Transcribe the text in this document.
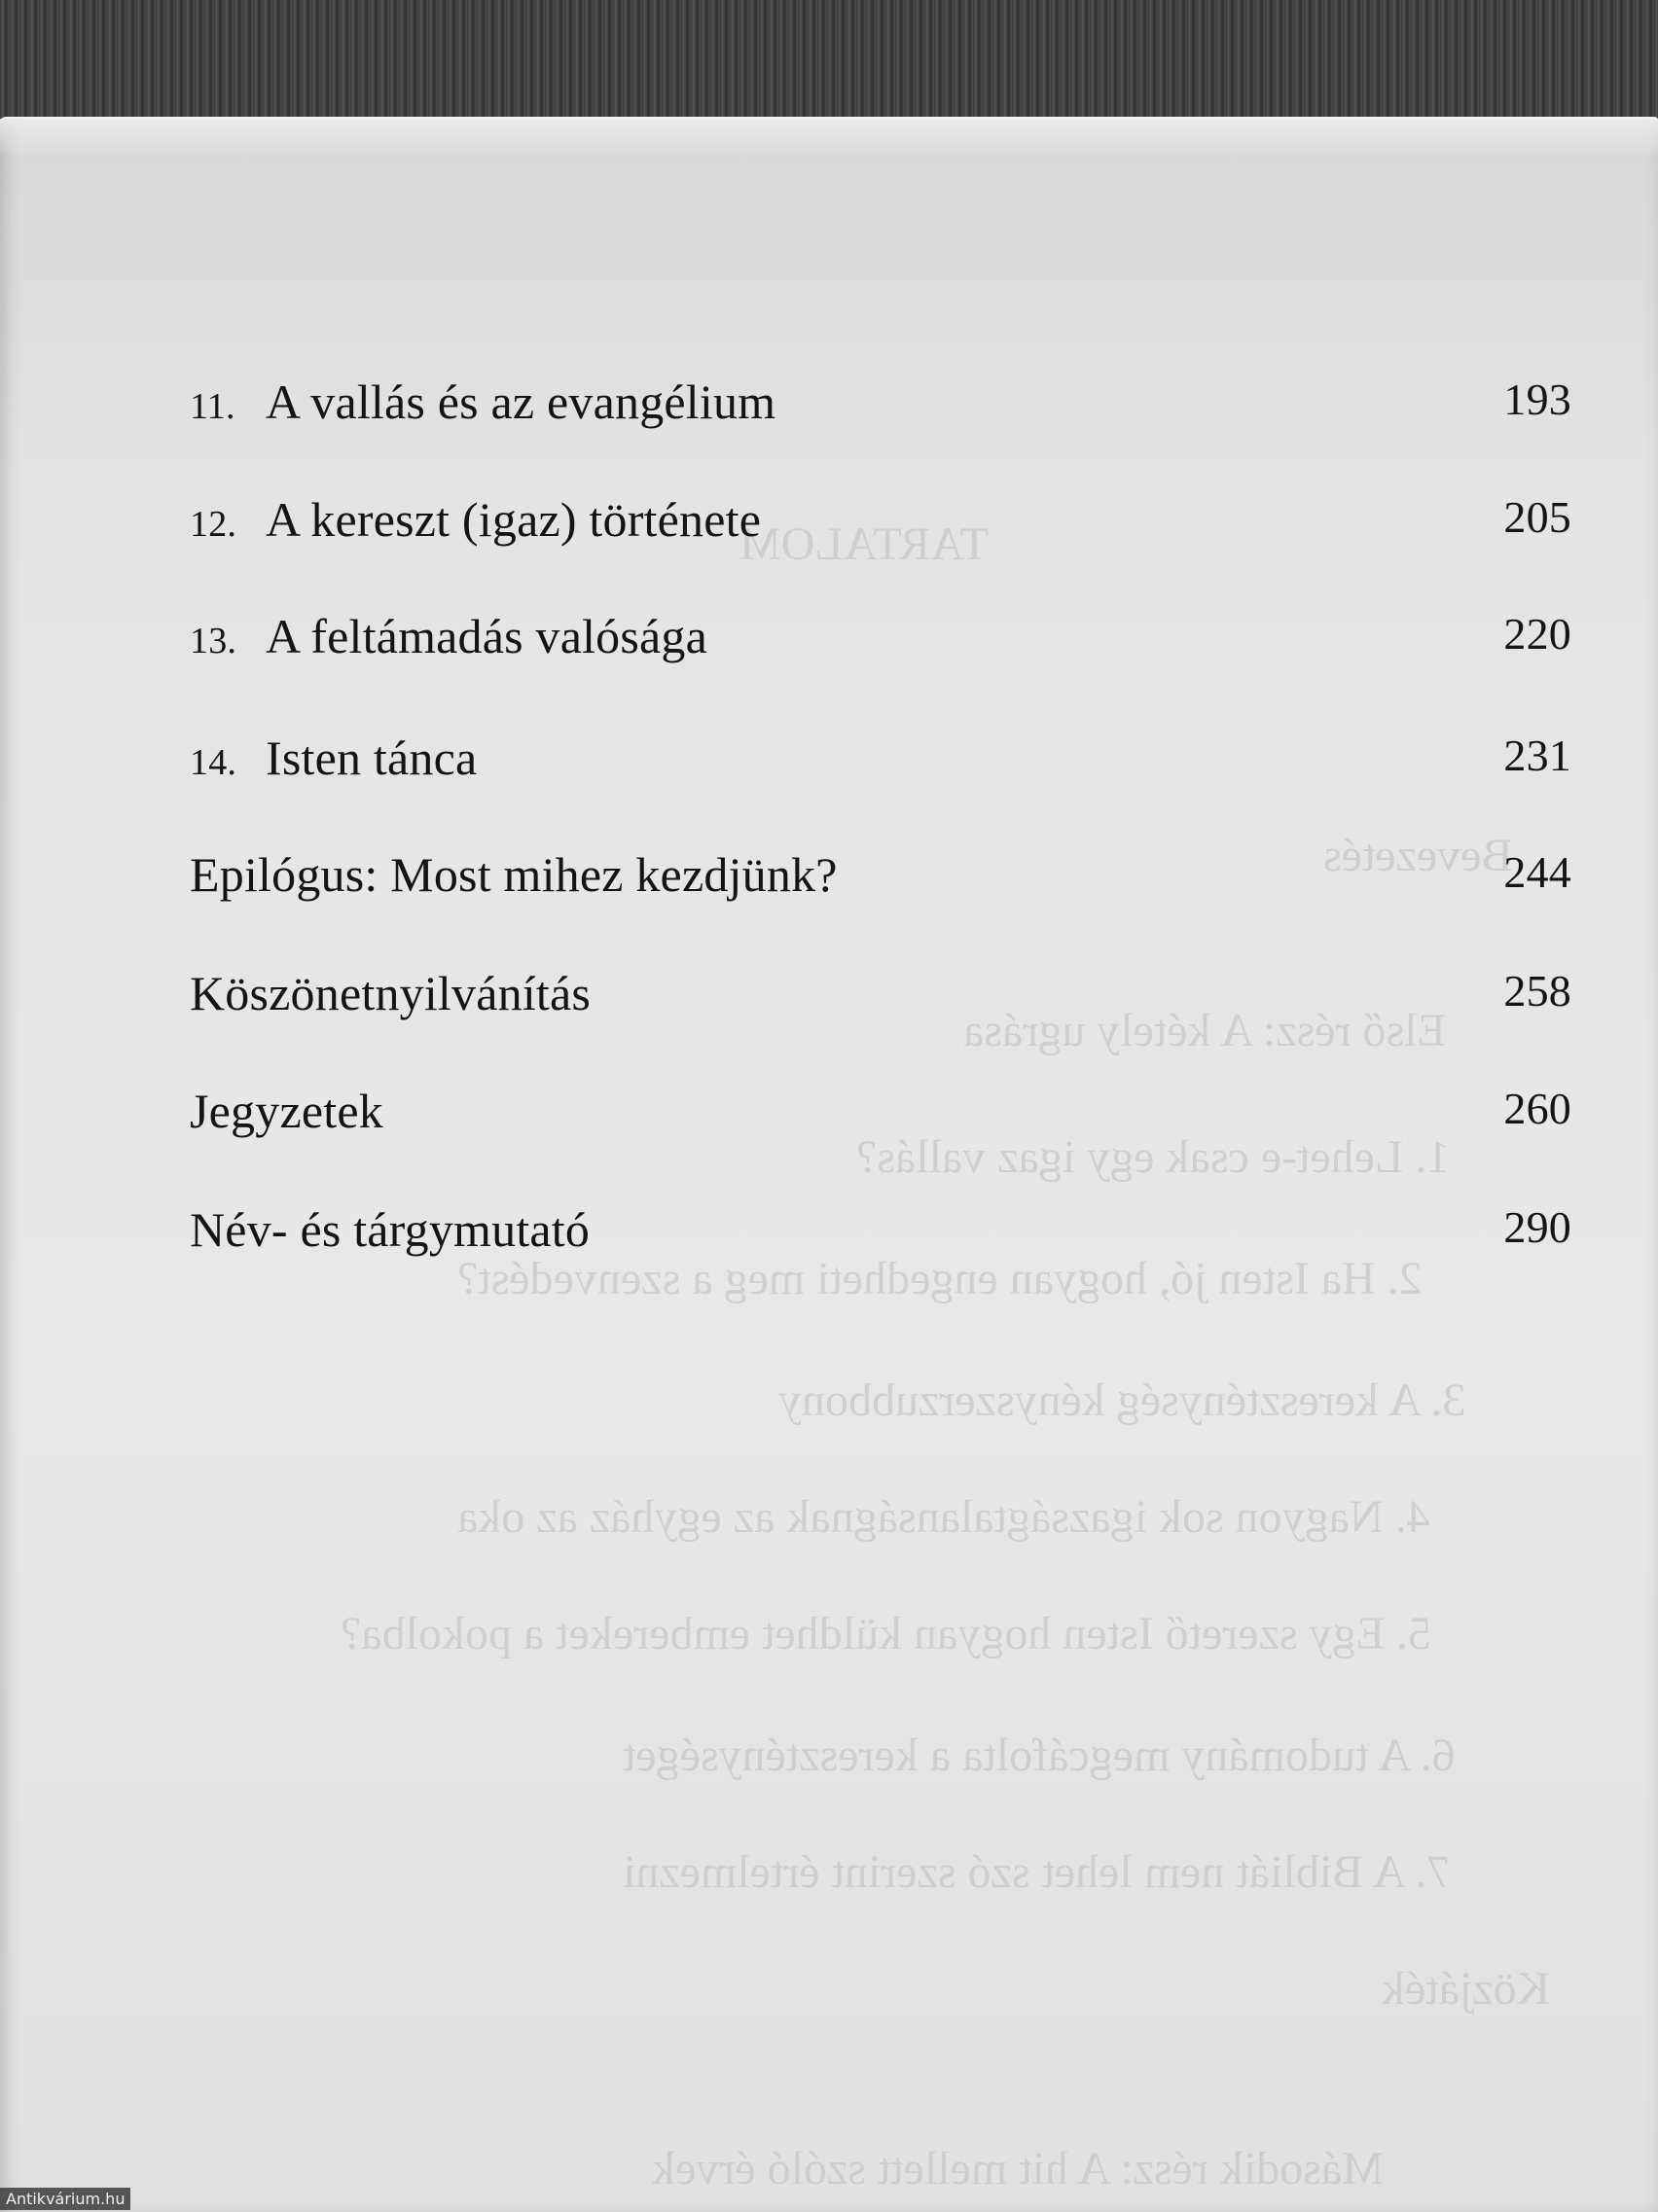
TARTALOM
Bevezetés
Első rész: A kétely ugrása
1. Lehet-e csak egy igaz vallás?
2. Ha Isten jó, hogyan engedheti meg a szenvedést?
3. A kereszténység kényszerzubbony
4. Nagyon sok igazságtalanságnak az egyház az oka
5. Egy szerető Isten hogyan küldhet embereket a pokolba?
6. A tudomány megcáfolta a kereszténységet
7. A Bibliát nem lehet szó szerint értelmezni
Közjáték
Második rész: A hit mellett szóló érvek
11. A vallás és az evangélium	193
12. A kereszt (igaz) története	205
13. A feltámadás valósága	220
14. Isten tánca	231
Epilógus: Most mihez kezdjünk?	244
Köszönetnyilvánítás	258
Jegyzetek	260
Név- és tárgymutató	290
Antikvárium.hu
